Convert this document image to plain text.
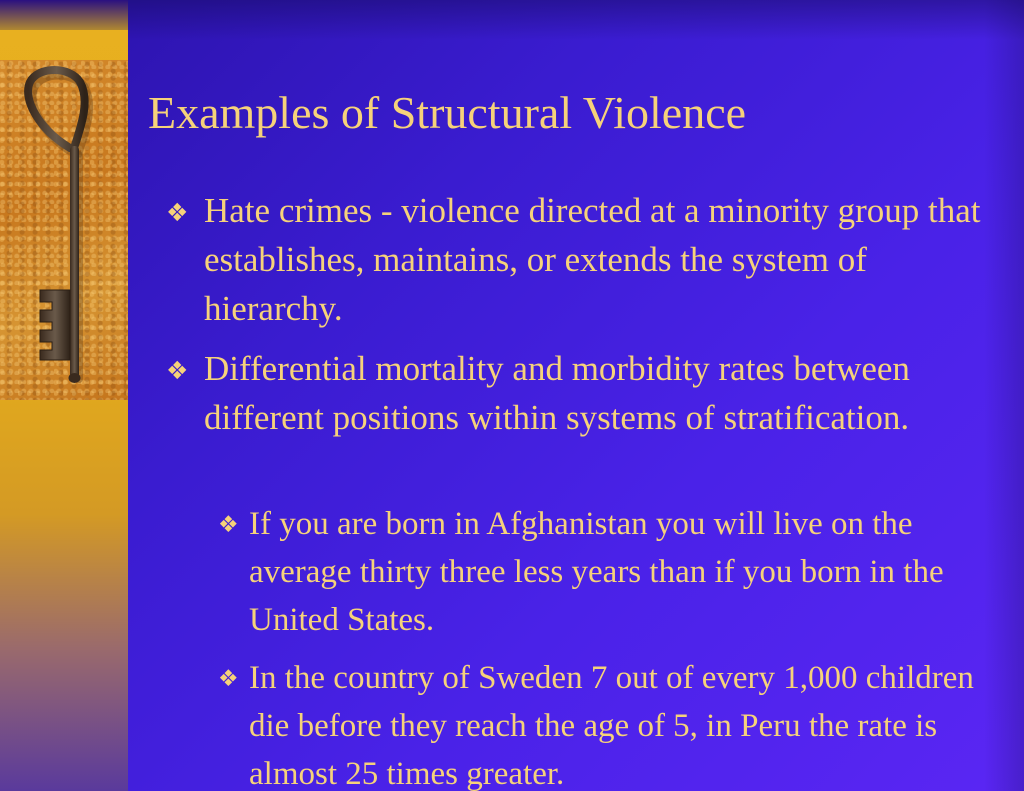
Examples of Structural Violence
❖ Hate crimes - violence directed at a minority group that establishes, maintains, or extends the system of hierarchy.
❖ Differential mortality and morbidity rates between different positions within systems of stratification.
❖ If you are born in Afghanistan you will live on the average thirty three less years than if you born in the United States.
❖ In the country of Sweden 7 out of every 1,000 children die before they reach the age of 5, in Peru the rate is almost 25 times greater.
